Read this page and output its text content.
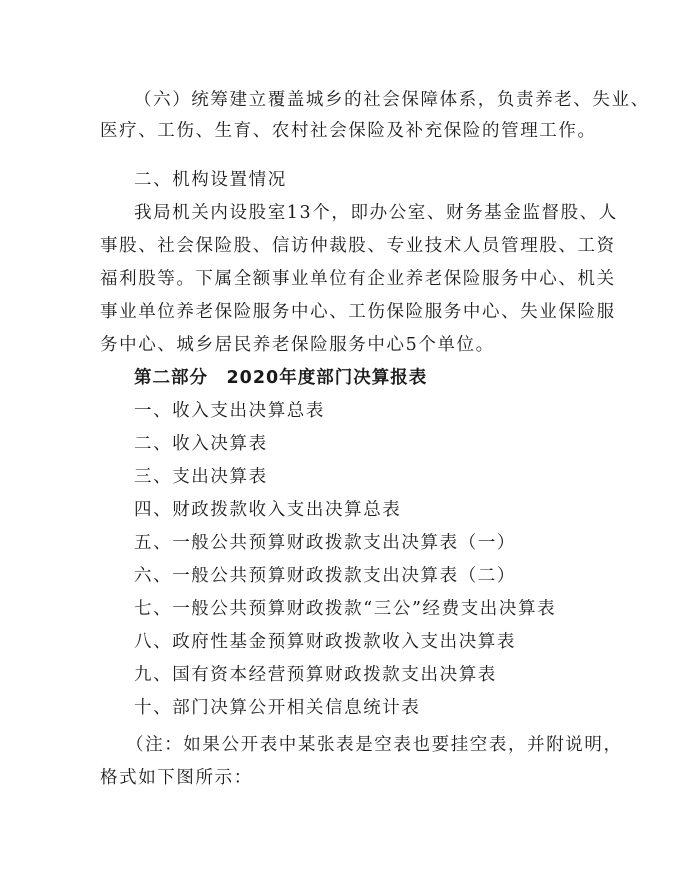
（六）统筹建立覆盖城乡的社会保障体系，负责养老、失业、
医疗、工伤、生育、农村社会保险及补充保险的管理工作。
二、机构设置情况
我局机关内设股室13个，即办公室、财务基金监督股、人
事股、社会保险股、信访仲裁股、专业技术人员管理股、工资
福利股等。下属全额事业单位有企业养老保险服务中心、机关
事业单位养老保险服务中心、工伤保险服务中心、失业保险服
务中心、城乡居民养老保险服务中心5个单位。
第二部分　2020年度部门决算报表
一、收入支出决算总表
二、收入决算表
三、支出决算表
四、财政拨款收入支出决算总表
五、一般公共预算财政拨款支出决算表（一）
六、一般公共预算财政拨款支出决算表（二）
七、一般公共预算财政拨款“三公”经费支出决算表
八、政府性基金预算财政拨款收入支出决算表
九、国有资本经营预算财政拨款支出决算表
十、部门决算公开相关信息统计表
（注：如果公开表中某张表是空表也要挂空表，并附说明，
格式如下图所示：
